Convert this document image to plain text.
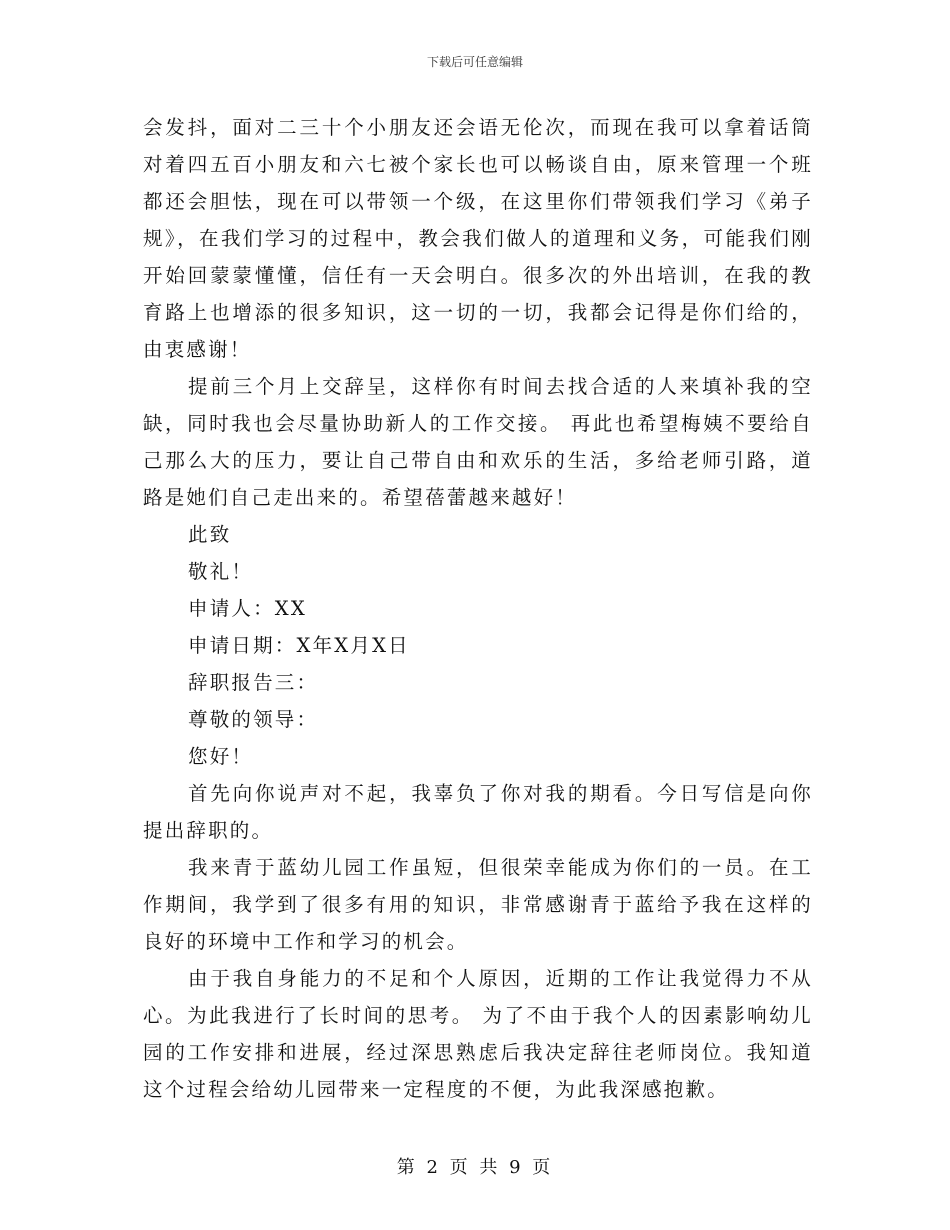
下载后可任意编辑

会发抖，面对二三十个小朋友还会语无伦次，而现在我可以拿着话筒对着四五百小朋友和六七被个家长也可以畅谈自由，原来管理一个班都还会胆怯，现在可以带领一个级，在这里你们带领我们学习《弟子规》，在我们学习的过程中，教会我们做人的道理和义务，可能我们刚开始回蒙蒙懂懂，信任有一天会明白。很多次的外出培训，在我的教育路上也增添的很多知识，这一切的一切，我都会记得是你们给的，由衷感谢！

提前三个月上交辞呈，这样你有时间去找合适的人来填补我的空缺，同时我也会尽量协助新人的工作交接。 再此也希望梅姨不要给自己那么大的压力，要让自己带自由和欢乐的生活，多给老师引路，道路是她们自己走出来的。希望蓓蕾越来越好！

此致

敬礼！

申请人：XX

申请日期：X年X月X日

辞职报告三：

尊敬的领导：

您好！

首先向你说声对不起，我辜负了你对我的期看。今日写信是向你提出辞职的。

我来青于蓝幼儿园工作虽短，但很荣幸能成为你们的一员。在工作期间，我学到了很多有用的知识，非常感谢青于蓝给予我在这样的良好的环境中工作和学习的机会。

由于我自身能力的不足和个人原因，近期的工作让我觉得力不从心。为此我进行了长时间的思考。 为了不由于我个人的因素影响幼儿园的工作安排和进展，经过深思熟虑后我决定辞往老师岗位。我知道这个过程会给幼儿园带来一定程度的不便，为此我深感抱歉。

第 2 页 共 9 页
